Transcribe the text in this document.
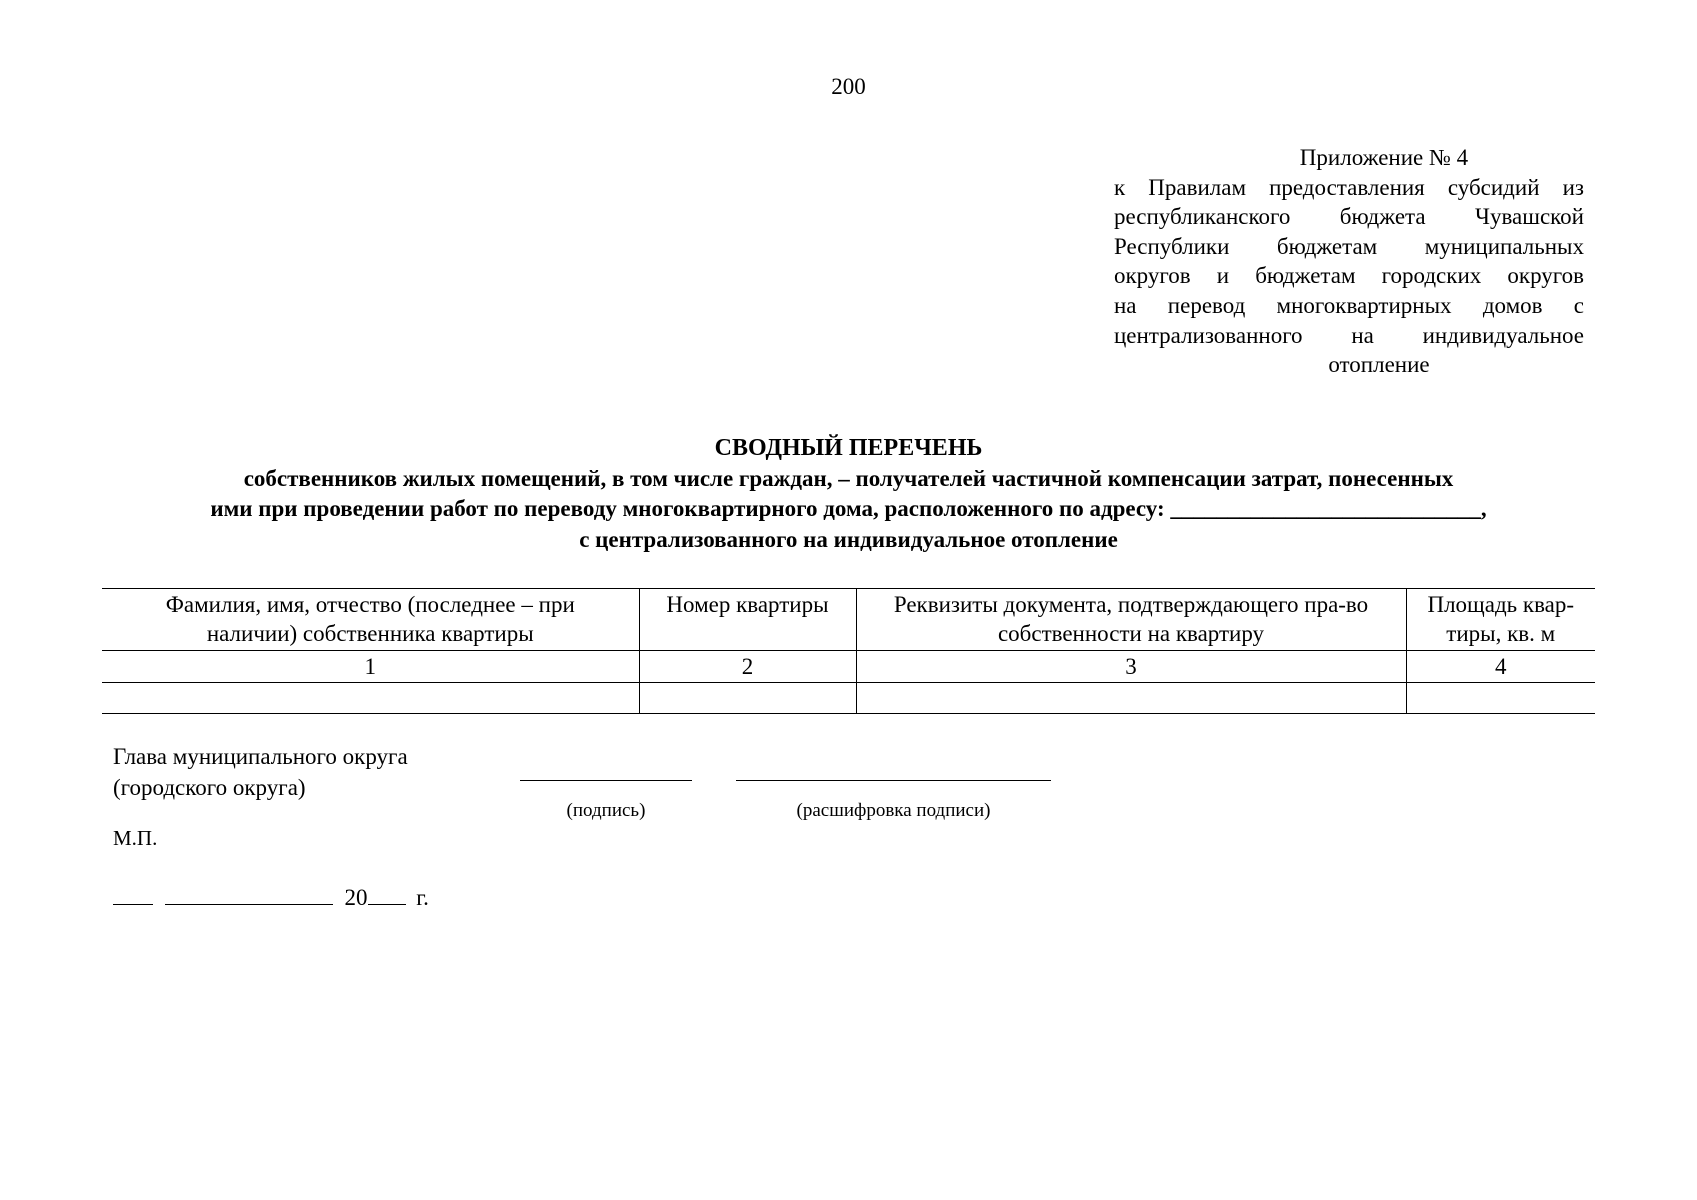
200
Приложение № 4
к Правилам предоставления субсидий из
республиканского бюджета Чувашской
Республики бюджетам муниципальных
округов и бюджетам городских округов
на перевод многоквартирных домов с
централизованного на индивидуальное
отопление
СВОДНЫЙ ПЕРЕЧЕНЬ
собственников жилых помещений, в том числе граждан, – получателей частичной компенсации затрат, понесенных
ими при проведении работ по переводу многоквартирного дома, расположенного по адресу: ___________________________,
с централизованного на индивидуальное отопление
Фамилия, имя, отчество (последнее – при наличии) собственника квартиры	Номер квартиры	Реквизиты документа, подтверждающего пра-во собственности на квартиру	Площадь квар-тиры, кв. м
1	2	3	4

Глава муниципального округа
(городского округа)
(подпись)	(расшифровка подписи)
М.П.
20 г.
